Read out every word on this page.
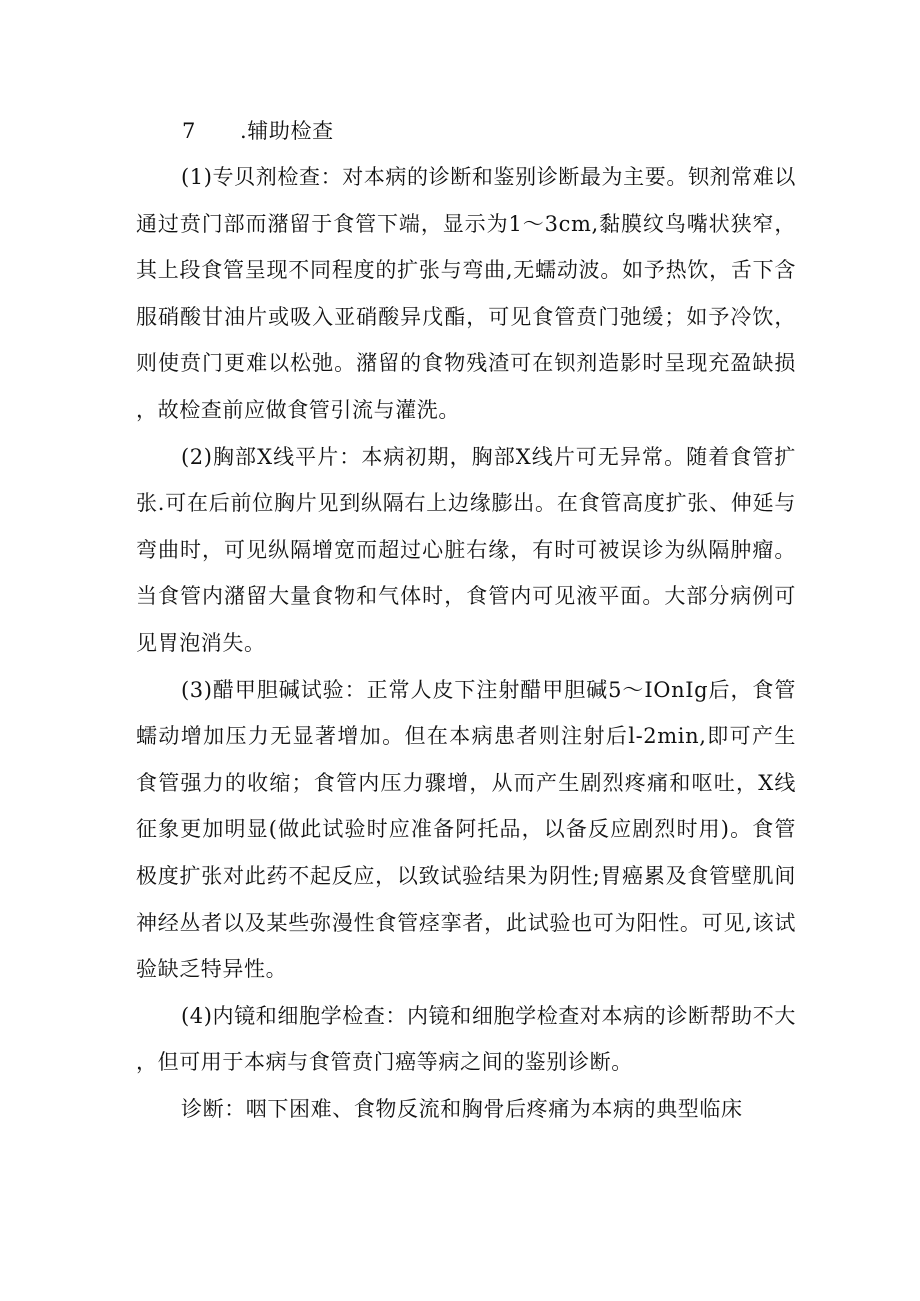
7 .辅助检查

(1)专贝剂检查：对本病的诊断和鉴别诊断最为主要。钡剂常难以通过贲门部而潴留于食管下端，显示为1～3cm,黏膜纹鸟嘴状狭窄，其上段食管呈现不同程度的扩张与弯曲,无蠕动波。如予热饮，舌下含服硝酸甘油片或吸入亚硝酸异戊酯，可见食管贲门弛缓；如予冷饮，则使贲门更难以松弛。潴留的食物残渣可在钡剂造影时呈现充盈缺损，故检查前应做食管引流与灌洗。

(2)胸部X线平片：本病初期，胸部X线片可无异常。随着食管扩张.可在后前位胸片见到纵隔右上边缘膨出。在食管高度扩张、伸延与弯曲时，可见纵隔增宽而超过心脏右缘，有时可被误诊为纵隔肿瘤。当食管内潴留大量食物和气体时，食管内可见液平面。大部分病例可见胃泡消失。

(3)醋甲胆碱试验：正常人皮下注射醋甲胆碱5～IOnIg后，食管蠕动增加压力无显著增加。但在本病患者则注射后l-2min,即可产生食管强力的收缩；食管内压力骤增，从而产生剧烈疼痛和呕吐，X线征象更加明显(做此试验时应准备阿托品，以备反应剧烈时用)。食管极度扩张对此药不起反应，以致试验结果为阴性;胃癌累及食管壁肌间神经丛者以及某些弥漫性食管痉挛者，此试验也可为阳性。可见,该试验缺乏特异性。

(4)内镜和细胞学检查：内镜和细胞学检查对本病的诊断帮助不大，但可用于本病与食管贲门癌等病之间的鉴别诊断。

诊断：咽下困难、食物反流和胸骨后疼痛为本病的典型临床
